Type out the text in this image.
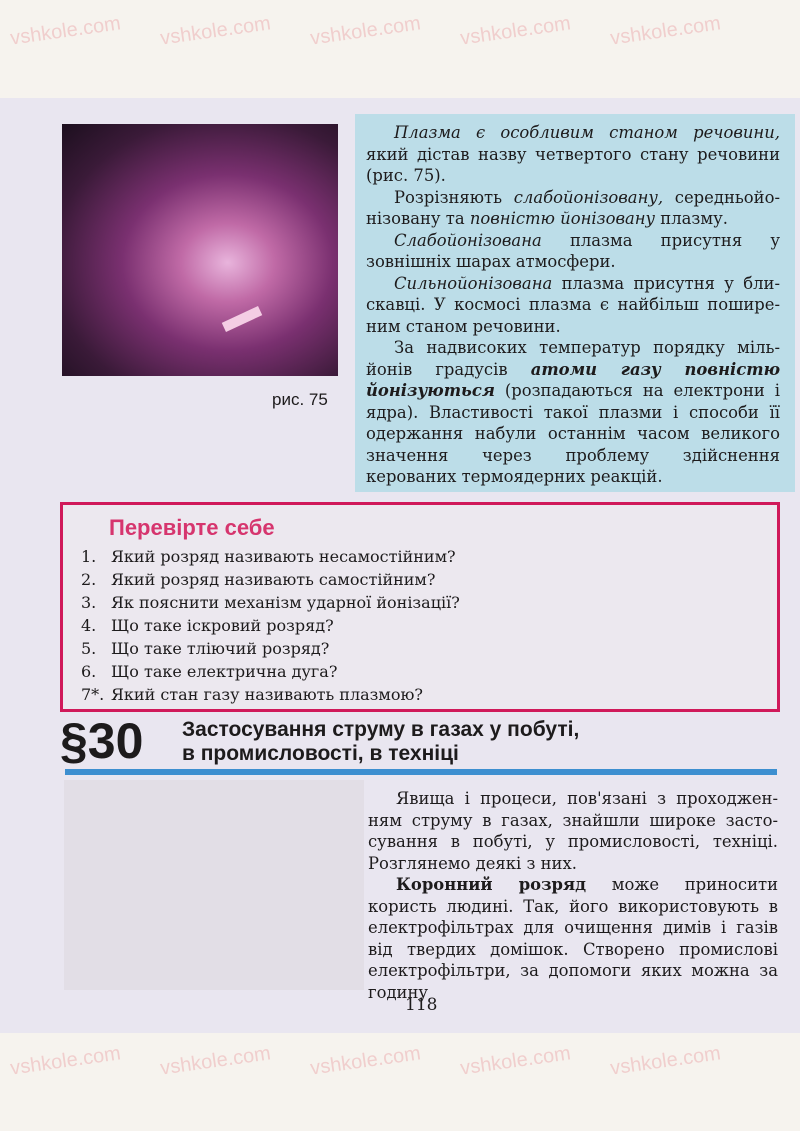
vshkole.com vshkole.com vshkole.com vshkole.com vshkole.com
vshkole.com vshkole.com vshkole.com vshkole.com vshkole.com
рис. 75

Плазма є особливим станом речовини, який дістав назву четвертого стану речовини (рис. 75).

Розрізняють слабойонізовану, середньойонізовану та повністю йонізовану плазму.

Слабойонізована плазма присутня у зовнішніх шарах атмосфери.

Сильнойонізована плазма присутня у блискавці. У космосі плазма є найбільш поширеним станом речовини.

За надвисоких температур порядку мільйонів градусів атоми газу повністю йонізуються (розпадаються на електрони і ядра). Властивості такої плазми і способи її одержання набули останнім часом великого значення через проблему здійснення керованих термоядерних реакцій.

Перевірте себе
1. Який розряд називають несамостійним?
2. Який розряд називають самостійним?
3. Як пояснити механізм ударної йонізації?
4. Що таке іскровий розряд?
5. Що таке тліючий розряд?
6. Що таке електрична дуга?
7*. Який стан газу називають плазмою?
§30 Застосування струму в газах у побуті,
в промисловості, в техніці

Явища і процеси, пов'язані з проходженням струму в газах, знайшли широке застосування в побуті, у промисловості, техніці. Розглянемо деякі з них.

Коронний розряд може приносити користь людині. Так, його використовують в електрофільтрах для очищення димів і газів від твердих домішок. Створено промислові електрофільтри, за допомоги яких можна за годину

118
